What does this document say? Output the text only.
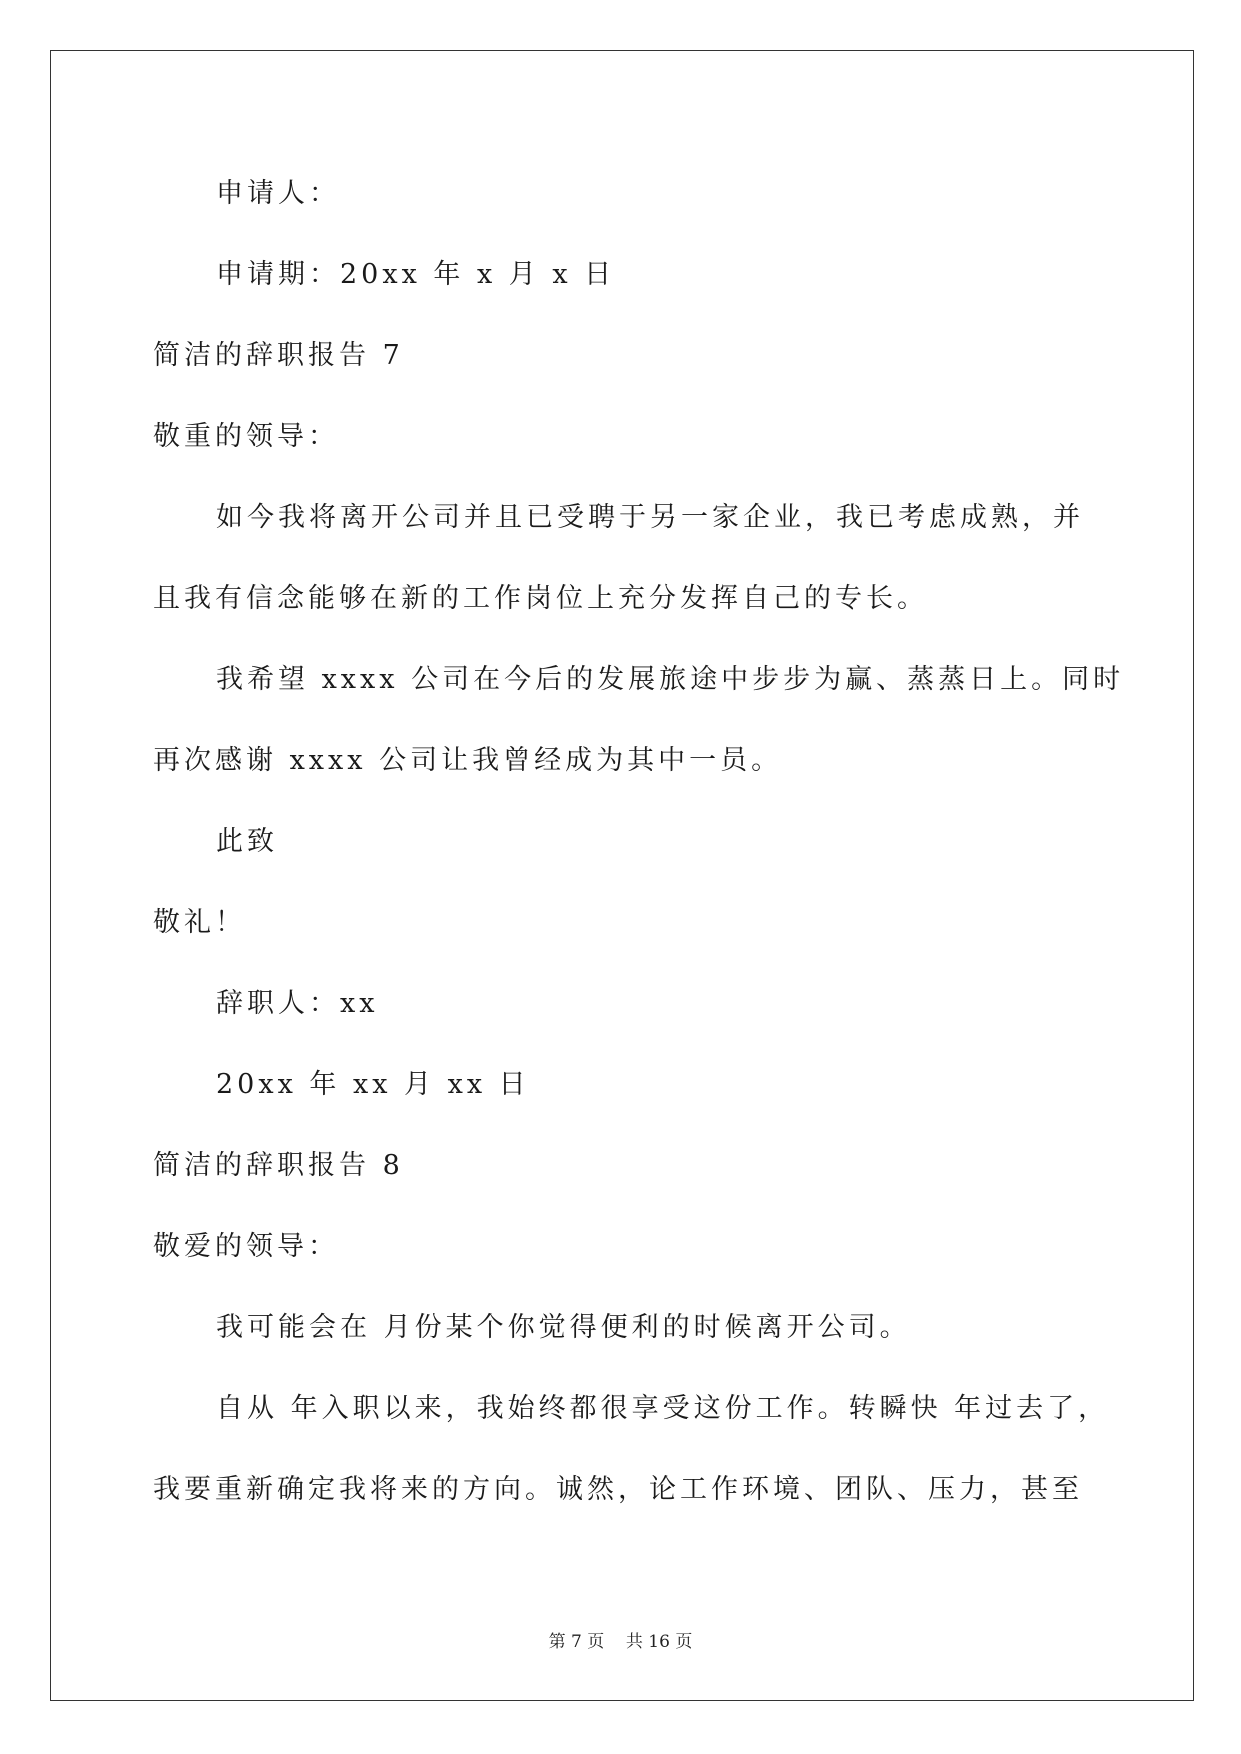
申请人：
申请期：20xx 年 x 月 x 日
简洁的辞职报告 7
敬重的领导：
如今我将离开公司并且已受聘于另一家企业，我已考虑成熟，并
且我有信念能够在新的工作岗位上充分发挥自己的专长。
我希望 xxxx 公司在今后的发展旅途中步步为赢、蒸蒸日上。同时
再次感谢 xxxx 公司让我曾经成为其中一员。
此致
敬礼！
辞职人：xx
20xx 年 xx 月 xx 日
简洁的辞职报告 8
敬爱的领导：
我可能会在 月份某个你觉得便利的时候离开公司。
自从 年入职以来，我始终都很享受这份工作。转瞬快 年过去了，
我要重新确定我将来的方向。诚然，论工作环境、团队、压力，甚至
第 7 页    共 16 页
